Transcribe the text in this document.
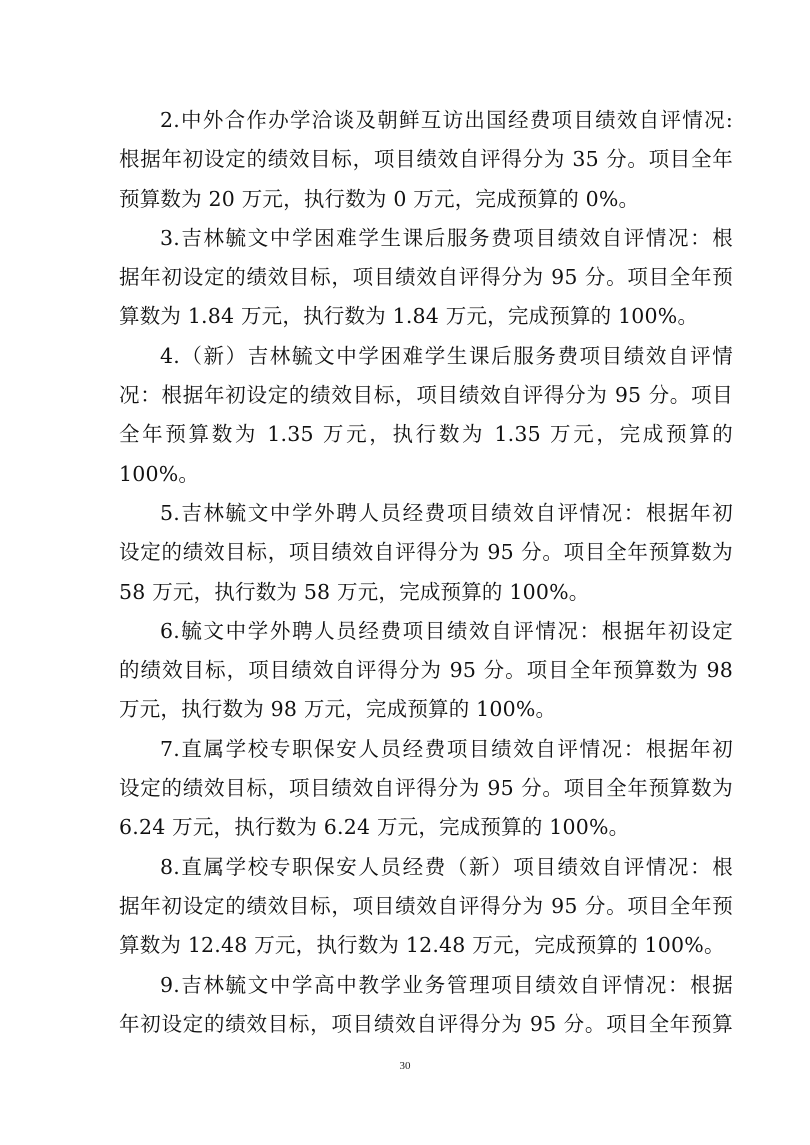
2.中外合作办学洽谈及朝鲜互访出国经费项目绩效自评情况:
根据年初设定的绩效目标，项目绩效自评得分为 35 分。项目全年
预算数为 20 万元，执行数为 0 万元，完成预算的 0%。
3.吉林毓文中学困难学生课后服务费项目绩效自评情况：根
据年初设定的绩效目标，项目绩效自评得分为 95 分。项目全年预
算数为 1.84 万元，执行数为 1.84 万元，完成预算的 100%。
4.（新）吉林毓文中学困难学生课后服务费项目绩效自评情
况：根据年初设定的绩效目标，项目绩效自评得分为 95 分。项目
全年预算数为 1.35 万元，执行数为 1.35 万元，完成预算的
100%。
5.吉林毓文中学外聘人员经费项目绩效自评情况：根据年初
设定的绩效目标，项目绩效自评得分为 95 分。项目全年预算数为
58 万元，执行数为 58 万元，完成预算的 100%。
6.毓文中学外聘人员经费项目绩效自评情况：根据年初设定
的绩效目标，项目绩效自评得分为 95 分。项目全年预算数为 98
万元，执行数为 98 万元，完成预算的 100%。
7.直属学校专职保安人员经费项目绩效自评情况：根据年初
设定的绩效目标，项目绩效自评得分为 95 分。项目全年预算数为
6.24 万元，执行数为 6.24 万元，完成预算的 100%。
8.直属学校专职保安人员经费（新）项目绩效自评情况：根
据年初设定的绩效目标，项目绩效自评得分为 95 分。项目全年预
算数为 12.48 万元，执行数为 12.48 万元，完成预算的 100%。
9.吉林毓文中学高中教学业务管理项目绩效自评情况：根据
年初设定的绩效目标，项目绩效自评得分为 95 分。项目全年预算
30
